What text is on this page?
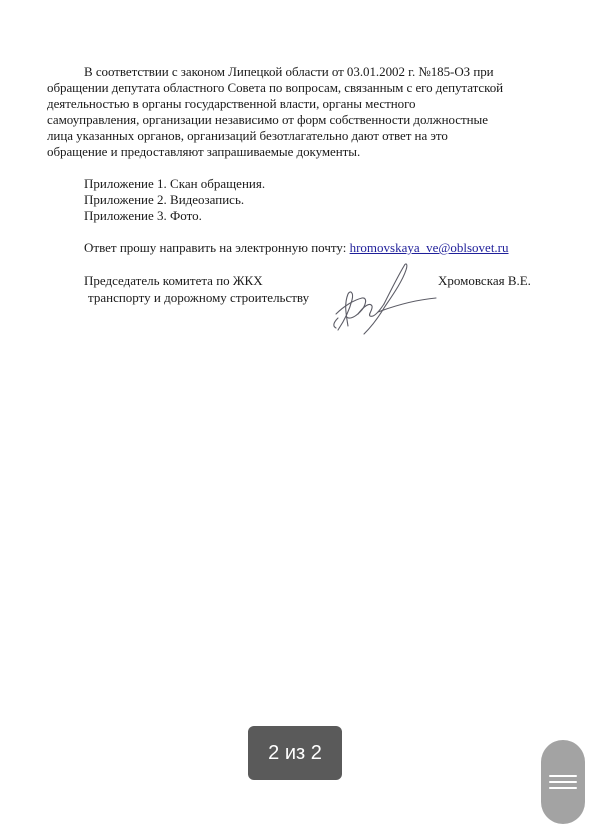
В соответствии с законом Липецкой области от 03.01.2002 г. №185-ОЗ при
обращении депутата областного Совета по вопросам, связанным с его депутатской
деятельностью в органы государственной власти, органы местного
самоуправления, организации независимо от форм собственности должностные
лица указанных органов, организаций безотлагательно дают ответ на это
обращение и предоставляют запрашиваемые документы.

Приложение 1. Скан обращения.
Приложение 2. Видеозапись.
Приложение 3. Фото.
Ответ прошу направить на электронную почту: hromovskaya_ve@oblsovet.ru
Председатель комитета по ЖКХ
транспорту и дорожному строительству
Хромовская В.Е.
2 из 2
